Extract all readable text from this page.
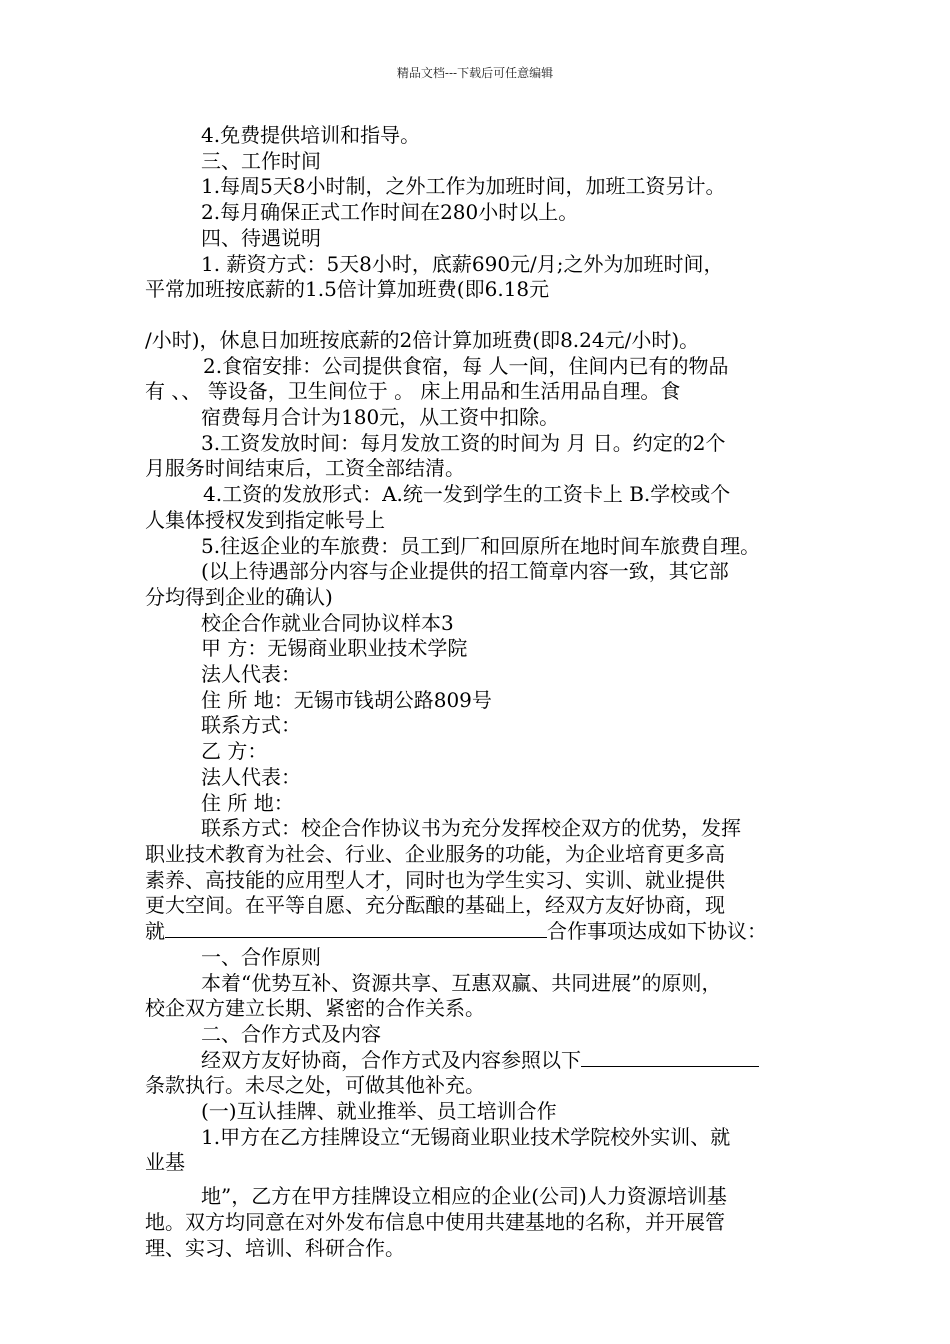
精品文档---下载后可任意编辑

4.免费提供培训和指导。

三、工作时间

1.每周5天8小时制，之外工作为加班时间，加班工资另计。

2.每月确保正式工作时间在280小时以上。

四、待遇说明

1. 薪资方式：5天8小时，底薪690元/月;之外为加班时间，

平常加班按底薪的1.5倍计算加班费(即6.18元

/小时)，休息日加班按底薪的2倍计算加班费(即8.24元/小时)。

2.食宿安排：公司提供食宿，每 人一间，住间内已有的物品

有 、、 等设备，卫生间位于 。 床上用品和生活用品自理。食

宿费每月合计为180元，从工资中扣除。

3.工资发放时间：每月发放工资的时间为 月 日。约定的2个

月服务时间结束后，工资全部结清。

4.工资的发放形式：A.统一发到学生的工资卡上 B.学校或个

人集体授权发到指定帐号上

5.往返企业的车旅费：员工到厂和回原所在地时间车旅费自理。

(以上待遇部分内容与企业提供的招工简章内容一致，其它部

分均得到企业的确认)

校企合作就业合同协议样本3

甲 方：无锡商业职业技术学院

法人代表：

住 所 地：无锡市钱胡公路809号

联系方式：

乙 方：

法人代表：

住 所 地：

联系方式：校企合作协议书为充分发挥校企双方的优势，发挥

职业技术教育为社会、行业、企业服务的功能，为企业培育更多高

素养、高技能的应用型人才，同时也为学生实习、实训、就业提供

更大空间。在平等自愿、充分酝酿的基础上，经双方友好协商，现

就	合作事项达成如下协议：

一、合作原则

本着“优势互补、资源共享、互惠双赢、共同进展”的原则，

校企双方建立长期、紧密的合作关系。

二、合作方式及内容

经双方友好协商，合作方式及内容参照以下

条款执行。未尽之处，可做其他补充。

(一)互认挂牌、就业推举、员工培训合作

1.甲方在乙方挂牌设立“无锡商业职业技术学院校外实训、就

业基

地”，乙方在甲方挂牌设立相应的企业(公司)人力资源培训基

地。双方均同意在对外发布信息中使用共建基地的名称，并开展管

理、实习、培训、科研合作。
